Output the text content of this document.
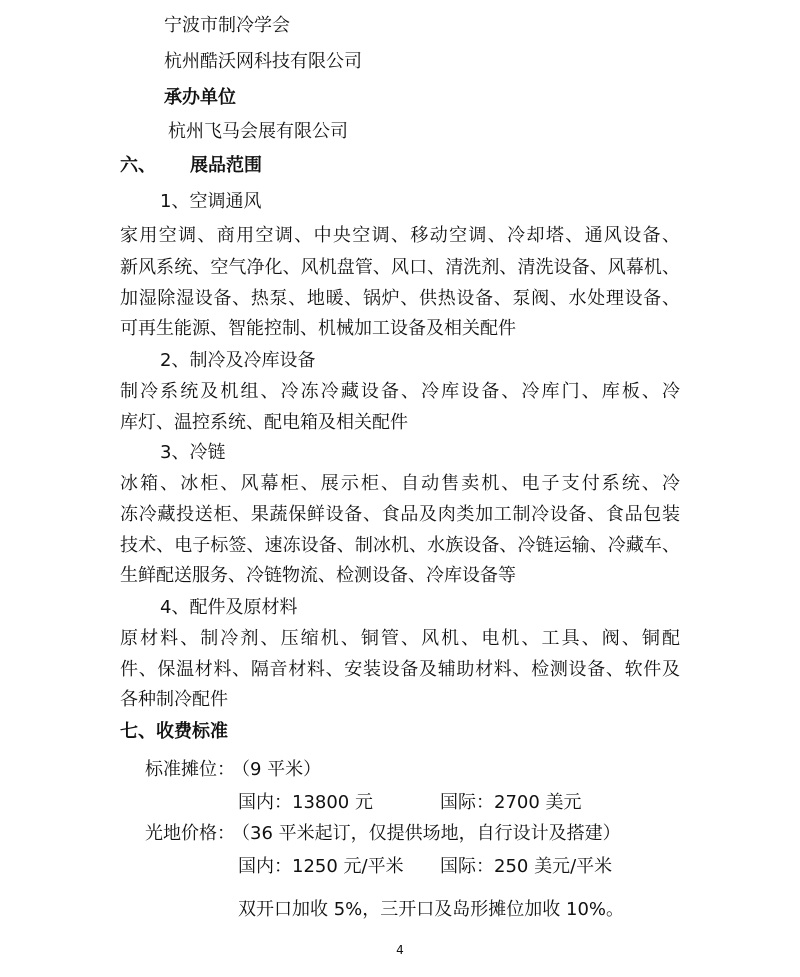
宁波市制冷学会
杭州酷沃网科技有限公司
承办单位
杭州飞马会展有限公司
六、 展品范围
1、空调通风
家用空调、商用空调、中央空调、移动空调、冷却塔、通风设备、
新风系统、空气净化、风机盘管、风口、清洗剂、清洗设备、风幕机、
加湿除湿设备、热泵、地暖、锅炉、供热设备、泵阀、水处理设备、
可再生能源、智能控制、机械加工设备及相关配件
2、制冷及冷库设备
制冷系统及机组、冷冻冷藏设备、冷库设备、冷库门、库板、冷
库灯、温控系统、配电箱及相关配件
3、冷链
冰箱、冰柜、风幕柜、展示柜、自动售卖机、电子支付系统、冷
冻冷藏投送柜、果蔬保鲜设备、食品及肉类加工制冷设备、食品包装
技术、电子标签、速冻设备、制冰机、水族设备、冷链运输、冷藏车、
生鲜配送服务、冷链物流、检测设备、冷库设备等
4、配件及原材料
原材料、制冷剂、压缩机、铜管、风机、电机、工具、阀、铜配
件、保温材料、隔音材料、安装设备及辅助材料、检测设备、软件及
各种制冷配件
七、收费标准
标准摊位：
（9 平米）
国内：13800 元	国际：2700 美元
光地价格：
（36 平米起订，仅提供场地，自行设计及搭建）
国内：1250 元/平米 国际：250 美元/平米
双开口加收 5%，三开口及岛形摊位加收 10%。
4
